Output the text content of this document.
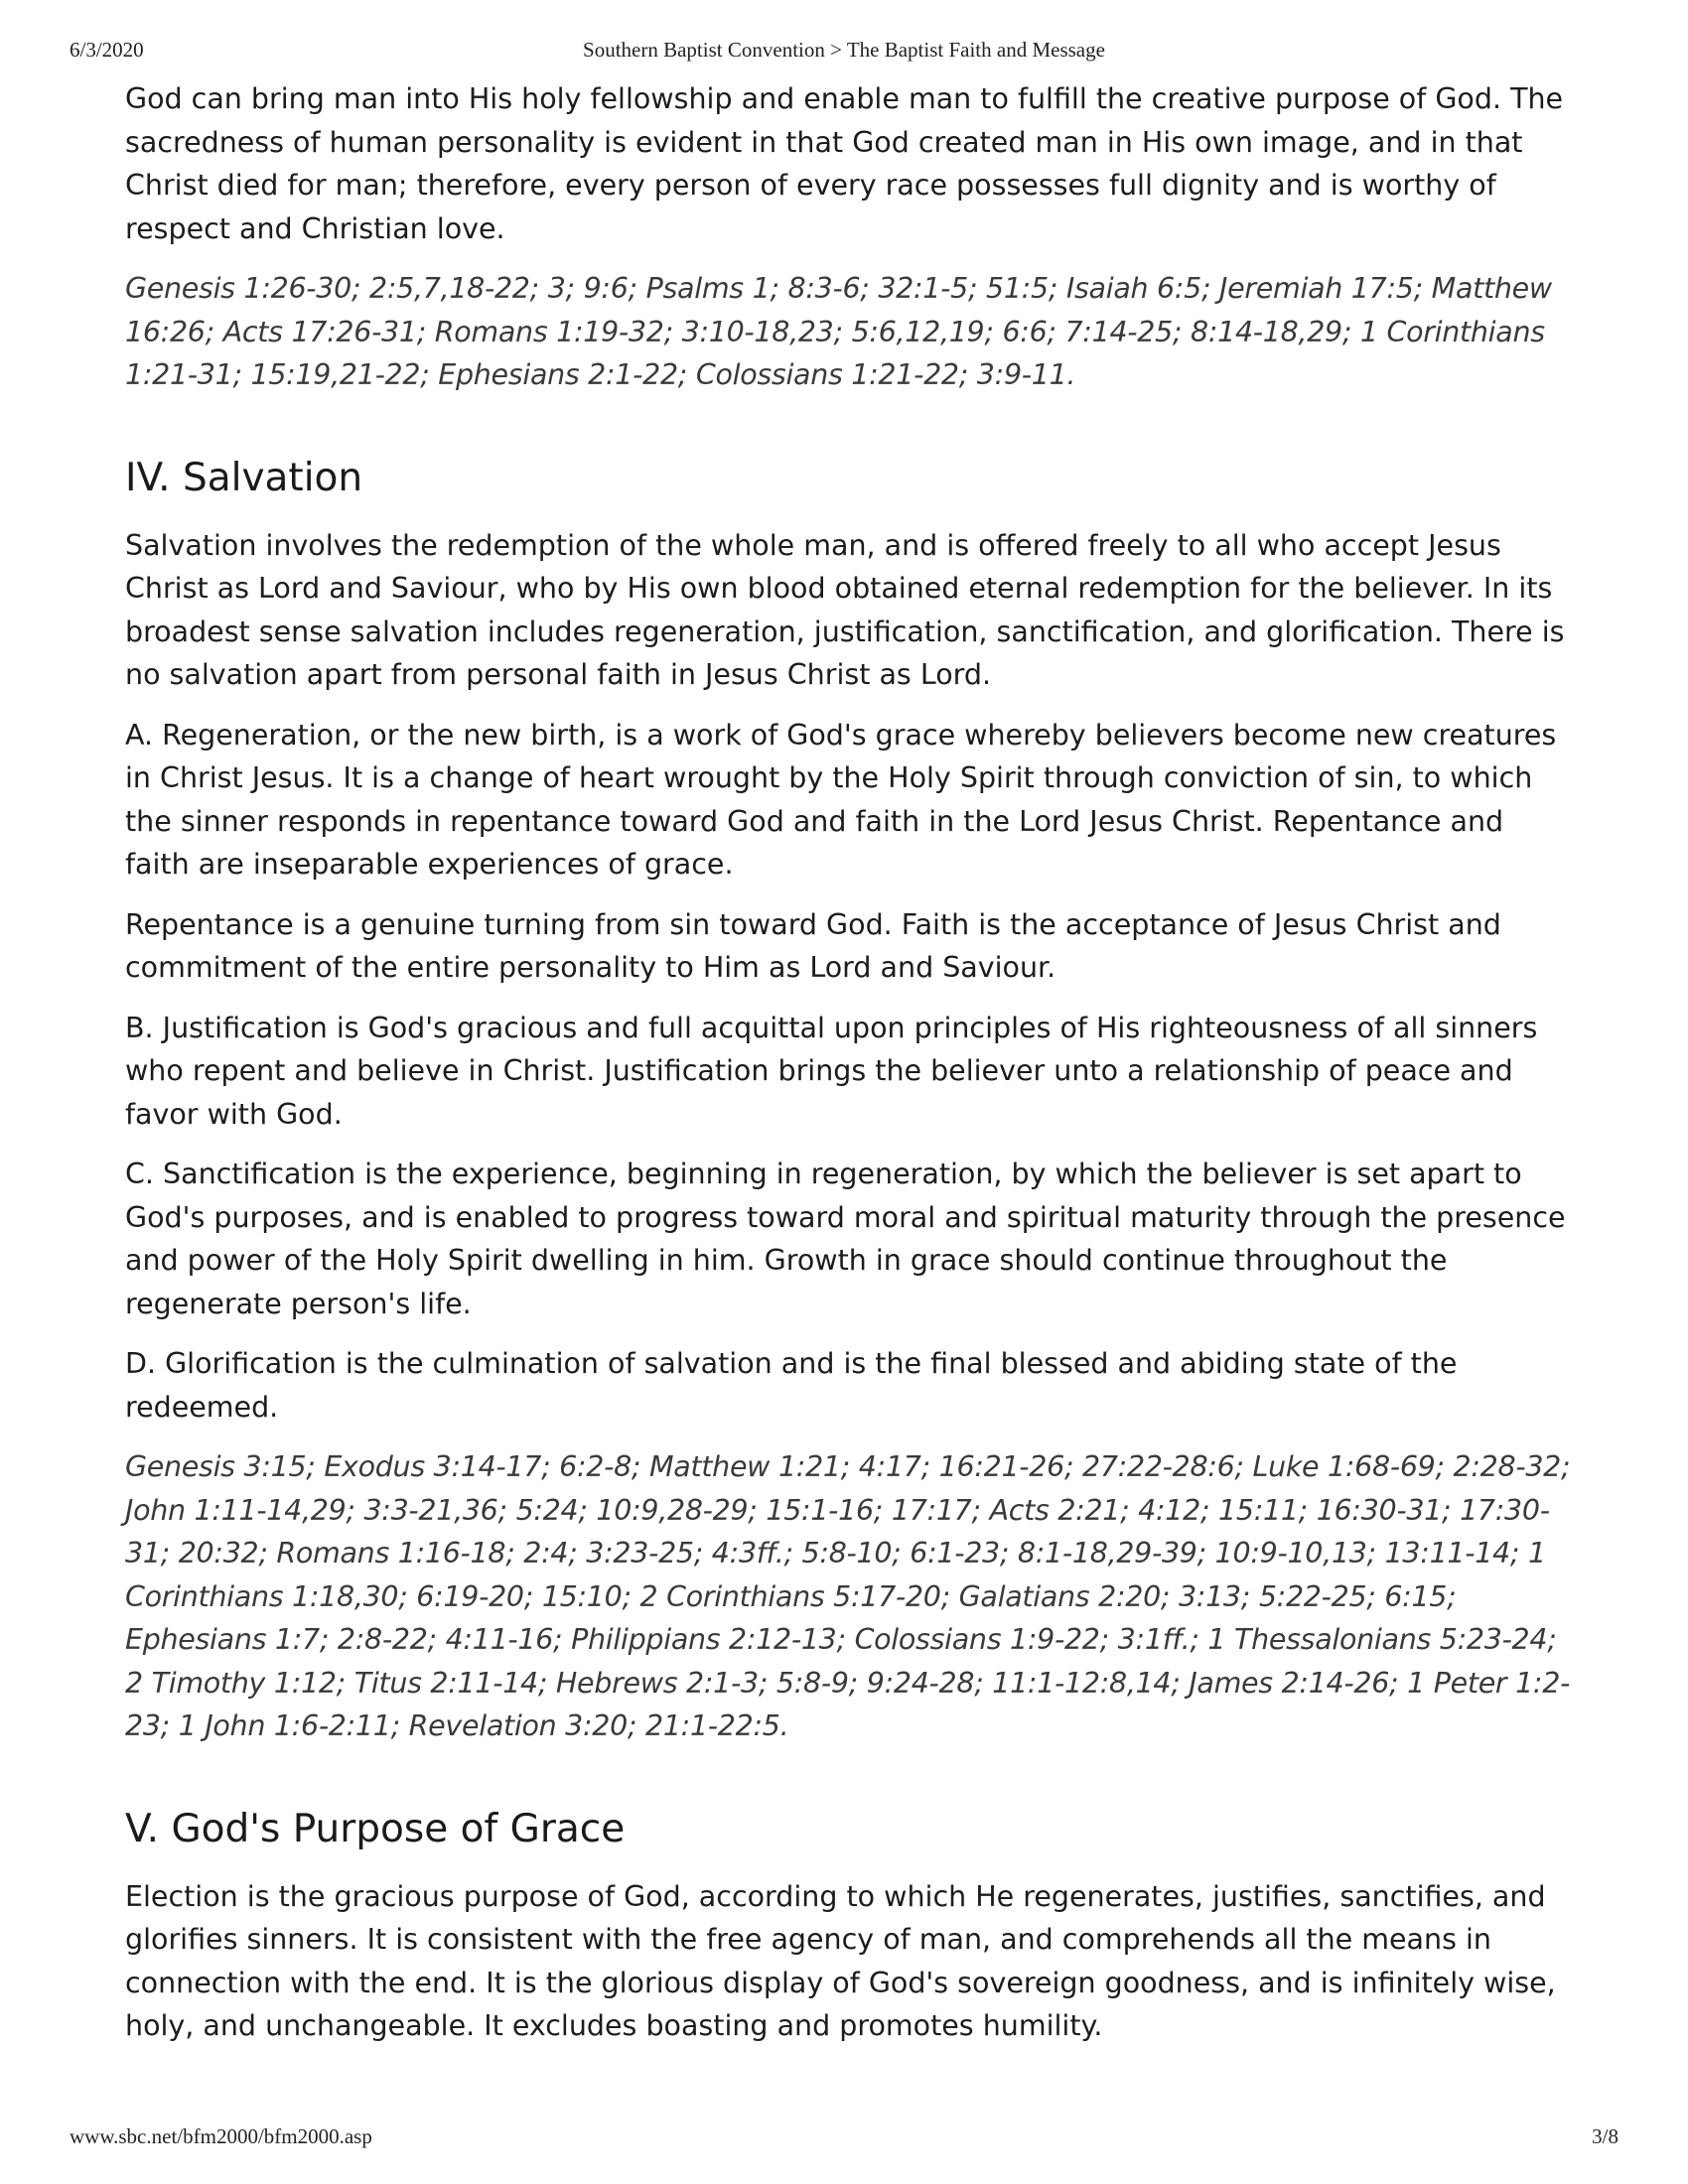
6/3/2020	Southern Baptist Convention > The Baptist Faith and Message

God can bring man into His holy fellowship and enable man to fulfill the creative purpose of God. The sacredness of human personality is evident in that God created man in His own image, and in that Christ died for man; therefore, every person of every race possesses full dignity and is worthy of respect and Christian love.

Genesis 1:26-30; 2:5,7,18-22; 3; 9:6; Psalms 1; 8:3-6; 32:1-5; 51:5; Isaiah 6:5; Jeremiah 17:5; Matthew 16:26; Acts 17:26-31; Romans 1:19-32; 3:10-18,23; 5:6,12,19; 6:6; 7:14-25; 8:14-18,29; 1 Corinthians 1:21-31; 15:19,21-22; Ephesians 2:1-22; Colossians 1:21-22; 3:9-11.

IV. Salvation

Salvation involves the redemption of the whole man, and is offered freely to all who accept Jesus Christ as Lord and Saviour, who by His own blood obtained eternal redemption for the believer. In its broadest sense salvation includes regeneration, justification, sanctification, and glorification. There is no salvation apart from personal faith in Jesus Christ as Lord.

A. Regeneration, or the new birth, is a work of God's grace whereby believers become new creatures in Christ Jesus. It is a change of heart wrought by the Holy Spirit through conviction of sin, to which the sinner responds in repentance toward God and faith in the Lord Jesus Christ. Repentance and faith are inseparable experiences of grace.

Repentance is a genuine turning from sin toward God. Faith is the acceptance of Jesus Christ and commitment of the entire personality to Him as Lord and Saviour.

B. Justification is God's gracious and full acquittal upon principles of His righteousness of all sinners who repent and believe in Christ. Justification brings the believer unto a relationship of peace and favor with God.

C. Sanctification is the experience, beginning in regeneration, by which the believer is set apart to God's purposes, and is enabled to progress toward moral and spiritual maturity through the presence and power of the Holy Spirit dwelling in him. Growth in grace should continue throughout the regenerate person's life.

D. Glorification is the culmination of salvation and is the final blessed and abiding state of the redeemed.

Genesis 3:15; Exodus 3:14-17; 6:2-8; Matthew 1:21; 4:17; 16:21-26; 27:22-28:6; Luke 1:68-69; 2:28-32; John 1:11-14,29; 3:3-21,36; 5:24; 10:9,28-29; 15:1-16; 17:17; Acts 2:21; 4:12; 15:11; 16:30-31; 17:30-31; 20:32; Romans 1:16-18; 2:4; 3:23-25; 4:3ff.; 5:8-10; 6:1-23; 8:1-18,29-39; 10:9-10,13; 13:11-14; 1 Corinthians 1:18,30; 6:19-20; 15:10; 2 Corinthians 5:17-20; Galatians 2:20; 3:13; 5:22-25; 6:15; Ephesians 1:7; 2:8-22; 4:11-16; Philippians 2:12-13; Colossians 1:9-22; 3:1ff.; 1 Thessalonians 5:23-24; 2 Timothy 1:12; Titus 2:11-14; Hebrews 2:1-3; 5:8-9; 9:24-28; 11:1-12:8,14; James 2:14-26; 1 Peter 1:2-23; 1 John 1:6-2:11; Revelation 3:20; 21:1-22:5.

V. God's Purpose of Grace

Election is the gracious purpose of God, according to which He regenerates, justifies, sanctifies, and glorifies sinners. It is consistent with the free agency of man, and comprehends all the means in connection with the end. It is the glorious display of God's sovereign goodness, and is infinitely wise, holy, and unchangeable. It excludes boasting and promotes humility.

www.sbc.net/bfm2000/bfm2000.asp	3/8
